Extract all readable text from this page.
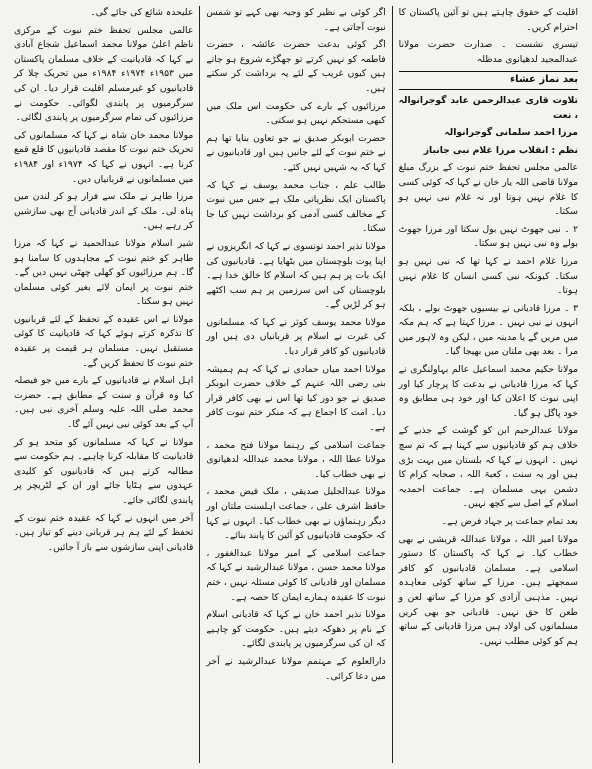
اقلیت کے حقوق چاہتے ہیں تو آئین پاکستان کا احترام کریں۔

تیسری نشست ۔ صدارت حضرت مولانا عبدالمجید لدھیانوی مدظلہ

بعد نماز عشاء

تلاوت قاری عبدالرحمن عابد گوجرانوالہ ، نعت

مرزا احمد سلمانی گوجرانوالہ

نظم : انقلاب مرزا غلام نبی جانباز

عالمی مجلس تحفظ ختم نبوت کے بزرگ مبلغ مولانا قاضی اللہ یار خان نے کہا کہ کوئی کسی کا غلام نہیں ہوتا اور نہ غلام نبی نہیں ہو سکتا۔

۲ ۔ نبی جھوٹ نہیں بول سکتا اور مرزا جھوٹ بولے وہ نبی نہیں ہو سکتا۔

مرزا غلام احمد نے کہا تھا کہ نبی نہیں ہو سکتا۔ کیونکہ نبی کسی انسان کا غلام نہیں ہوتا۔

۳ ۔ مرزا قادیانی نے بیسیوں جھوٹ بولے ، بلکہ انہوں نے نبی نہیں ۔ مرزا کہتا ہے کہ ہم مکہ میں مریں گے یا مدینہ میں ، لیکن وہ لاہور میں مرا ۔ بعد بھی ملتان میں بھیجا گیا۔

مولانا حکیم محمد اسماعیل عالم بہاولنگری نے کہا کہ مرزا قادیانی نے بدعت کا پرچار کیا اور اپنی نبوت کا اعلان کیا اور خود ہی مطابق وہ خود پاگل ہو گیا۔

مولانا عبدالرحیم ابن کو گوشت کے جذبے کے خلاف ہم کو قادیانیوں سے کہنا ہے کہ تم سچ نہیں ۔ انہوں نے کہا کہ بلستان میں بہت بڑی ہیں اور یہ سنت ، کعبۃ اللہ ، صحابہ کرام کا دشمن یہی مسلمان ہے۔ جماعت احمدیہ اسلام کے اصل سے کچھ نہیں۔

بعد تمام جماعت پر جہاد فرض ہے۔

مولانا امیر اللہ ، مولانا عبداللہ قریشی نے بھی خطاب کیا۔ نے کہا کہ پاکستان کا دستور اسلامی ہے۔ مسلمان قادیانیوں کو کافر سمجھتے ہیں۔ مرزا کے ساتھ کوئی معاہدہ نہیں۔ مذہبی آزادی کو مرزا کے ساتھ لعن و طعن کا حق نہیں۔ قادیانی جو بھی کریں مسلمانوں کی اولاد ہیں مرزا قادیانی کے ساتھ ہم کو کوئی مطلب نہیں۔

اگر کوئی بے نظیر کو وجیہ بھی کہے تو شمس نبوت آجاتی ہے۔

اگر کوئی بدعت حضرت عائشہ ، حضرت فاطمہ کو نہیں کرتے تو جھگڑے شروع ہو جاتے ہیں کیوں غریب کے لئے یہ برداشت کر سکتے ہیں۔

مرزائیوں کے بارے کی حکومت اس ملک میں کبھی مستحکم نہیں ہو سکتی۔

حضرت ابوبکر صدیق نے جو تعاون بنایا تھا ہم نے ختم نبوت کے لئے جانیں ہیں اور قادیانیوں نے کہا کہ یہ شہیں نہیں کئے۔

طالب علم ، جناب محمد یوسف نے کہا کہ پاکستان ایک نظریاتی ملک ہے جس میں نبوت کے مخالف کسی آدمی کو برداشت نہیں کیا جا سکتا۔

مولانا نذیر احمد تونسوی نے کہا کہ انگریزوں نے اپنا پوت بلوچستان میں بٹھایا ہے۔ قادیانیوں کی ایک بات پر ہم ہیں کہ اسلام کا خالق خدا ہے۔ بلوچستان کی اس سرزمین پر ہم سب اکٹھے ہو کر لڑیں گے۔

مولانا محمد یوسف کوثر نے کہا کہ مسلمانوں کی غیرت نے اسلام پر قربانیاں دی ہیں اور قادیانیوں کو کافر قرار دیا۔

مولانا احمد میاں حمادی نے کہا کہ ہم ہمیشہ بنی رضی اللہ عنہم کے خلاف حضرت ابوبکر صدیق نے جو دور کیا تھا اس نے بھی کافر قرار دیا۔ امت کا اجماع ہے کہ منکر ختم نبوت کافر ہے۔

جماعت اسلامی کے رہنما مولانا فتح محمد ، مولانا عطا اللہ ، مولانا محمد عبداللہ لدھیانوی نے بھی خطاب کیا۔

مولانا عبدالجلیل صدیقی ، ملک فیض محمد ، حافظ اشرف علی ، جماعت اہلسنت ملتان اور دیگر رہنماؤں نے بھی خطاب کیا۔ انہوں نے کہا کہ حکومت قادیانیوں کو آئین کا پابند بنائے۔

جماعت اسلامی کے امیر مولانا عبدالغفور ، مولانا محمد حسن ، مولانا عبدالرشید نے کہا کہ مسلمان اور قادیانی کا کوئی مسئلہ نہیں ، ختم نبوت کا عقیدہ ہمارے ایمان کا حصہ ہے۔

مولانا نذیر احمد خان نے کہا کہ قادیانی اسلام کے نام پر دھوکہ دیتے ہیں۔ حکومت کو چاہیے کہ ان کی سرگرمیوں پر پابندی لگائے۔

دارالعلوم کے مہتمم مولانا عبدالرشید نے آخر میں دعا کرائی۔

علیحدہ شائع کی جائے گی۔

عالمی مجلس تحفظ ختم نبوت کے مرکزی ناظم اعلیٰ مولانا محمد اسماعیل شجاع آبادی نے کہا کہ قادیانیت کے خلاف مسلمان پاکستان میں ۱۹۵۳ء ۱۹۷۴ء ۱۹۸۴ء میں تحریک چلا کر قادیانیوں کو غیرمسلم اقلیت قرار دیا۔ ان کی سرگرمیوں پر پابندی لگوائی۔ حکومت نے مرزائیوں کی تمام سرگرمیوں پر پابندی لگائی۔

مولانا محمد خان شاہ نے کہا کہ مسلمانوں کی تحریک ختم نبوت کا مقصد قادیانیوں کا قلع قمع کرنا ہے۔ انہوں نے کہا کہ ۱۹۷۴ء اور ۱۹۸۴ء میں مسلمانوں نے قربانیاں دیں۔

مرزا طاہر نے ملک سے فرار ہو کر لندن میں پناہ لی۔ ملک کے اندر قادیانی آج بھی سازشیں کر رہے ہیں۔

شیر اسلام مولانا عبدالحمید نے کہا کہ مرزا طاہر کو ختم نبوت کے مجاہدوں کا سامنا ہو گا۔ ہم مرزائیوں کو کھلی چھٹی نہیں دیں گے۔ ختم نبوت پر ایمان لائے بغیر کوئی مسلمان نہیں ہو سکتا۔

مولانا نے اس عقیدہ کے تحفظ کے لئے قربانیوں کا تذکرہ کرتے ہوئے کہا کہ قادیانیت کا کوئی مستقبل نہیں۔ مسلمان ہر قیمت پر عقیدہ ختم نبوت کا تحفظ کریں گے۔

اہل اسلام نے قادیانیوں کے بارے میں جو فیصلہ کیا وہ قرآن و سنت کے مطابق ہے۔ حضرت محمد صلی اللہ علیہ وسلم آخری نبی ہیں۔ آپ کے بعد کوئی نبی نہیں آئے گا۔

مولانا نے کہا کہ مسلمانوں کو متحد ہو کر قادیانیت کا مقابلہ کرنا چاہیے۔ ہم حکومت سے مطالبہ کرتے ہیں کہ قادیانیوں کو کلیدی عہدوں سے ہٹایا جائے اور ان کے لٹریچر پر پابندی لگائی جائے۔

آخر میں انہوں نے کہا کہ عقیدہ ختم نبوت کے تحفظ کے لئے ہم ہر قربانی دینے کو تیار ہیں۔ قادیانی اپنی سازشوں سے باز آ جائیں۔
